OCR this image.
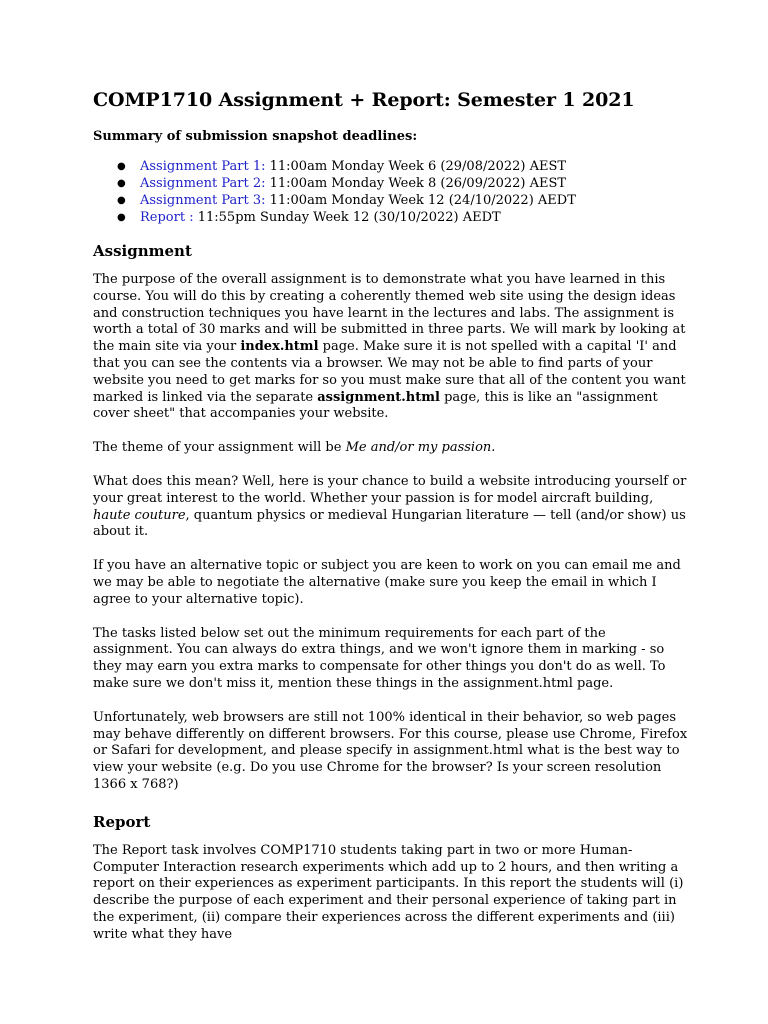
COMP1710 Assignment + Report: Semester 1 2021
Summary of submission snapshot deadlines:
● Assignment Part 1: 11:00am Monday Week 6 (29/08/2022) AEST
● Assignment Part 2: 11:00am Monday Week 8 (26/09/2022) AEST
● Assignment Part 3: 11:00am Monday Week 12 (24/10/2022) AEDT
● Report : 11:55pm Sunday Week 12 (30/10/2022) AEDT
Assignment

The purpose of the overall assignment is to demonstrate what you have learned in this course. You will do this by creating a coherently themed web site using the design ideas and construction techniques you have learnt in the lectures and labs. The assignment is worth a total of 30 marks and will be submitted in three parts. We will mark by looking at the main site via your index.html page. Make sure it is not spelled with a capital 'I' and that you can see the contents via a browser. We may not be able to find parts of your website you need to get marks for so you must make sure that all of the content you want marked is linked via the separate assignment.html page, this is like an "assignment cover sheet" that accompanies your website.

The theme of your assignment will be Me and/or my passion.

What does this mean? Well, here is your chance to build a website introducing yourself or your great interest to the world. Whether your passion is for model aircraft building, haute couture, quantum physics or medieval Hungarian literature — tell (and/or show) us about it.

If you have an alternative topic or subject you are keen to work on you can email me and we may be able to negotiate the alternative (make sure you keep the email in which I agree to your alternative topic).

The tasks listed below set out the minimum requirements for each part of the assignment. You can always do extra things, and we won't ignore them in marking - so they may earn you extra marks to compensate for other things you don't do as well. To make sure we don't miss it, mention these things in the assignment.html page.

Unfortunately, web browsers are still not 100% identical in their behavior, so web pages may behave differently on different browsers. For this course, please use Chrome, Firefox or Safari for development, and please specify in assignment.html what is the best way to view your website (e.g. Do you use Chrome for the browser? Is your screen resolution 1366 x 768?)

Report

The Report task involves COMP1710 students taking part in two or more Human-Computer Interaction research experiments which add up to 2 hours, and then writing a report on their experiences as experiment participants. In this report the students will (i) describe the purpose of each experiment and their personal experience of taking part in the experiment, (ii) compare their experiences across the different experiments and (iii) write what they have
